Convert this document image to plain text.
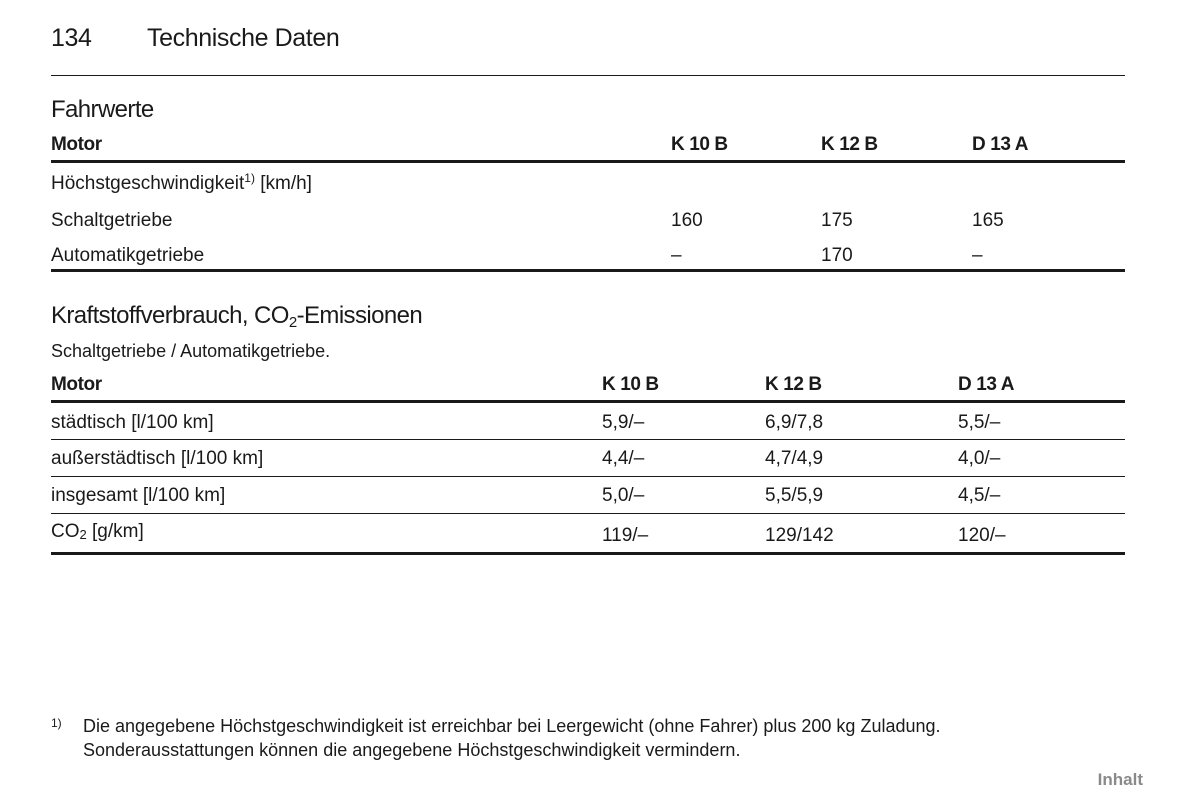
134 Technische Daten
Fahrwerte
Motor	K 10 B	K 12 B	D 13 A
Höchstgeschwindigkeit$^{1)}$ [km/h]
Schaltgetriebe	160	175	165
Automatikgetriebe	–	170	–
Kraftstoffverbrauch, CO2-Emissionen
Schaltgetriebe / Automatikgetriebe.
Motor	K 10 B	K 12 B	D 13 A
städtisch [l/100 km]	5,9/–	6,9/7,8	5,5/–
außerstädtisch [l/100 km]	4,4/–	4,7/4,9	4,0/–
insgesamt [l/100 km]	5,0/–	5,5/5,9	4,5/–
$CO_2$ [g/km]	119/–	129/142	120/–
1) Die angegebene Höchstgeschwindigkeit ist erreichbar bei Leergewicht (ohne Fahrer) plus 200 kg Zuladung.
Sonderausstattungen können die angegebene Höchstgeschwindigkeit vermindern.
Inhalt
